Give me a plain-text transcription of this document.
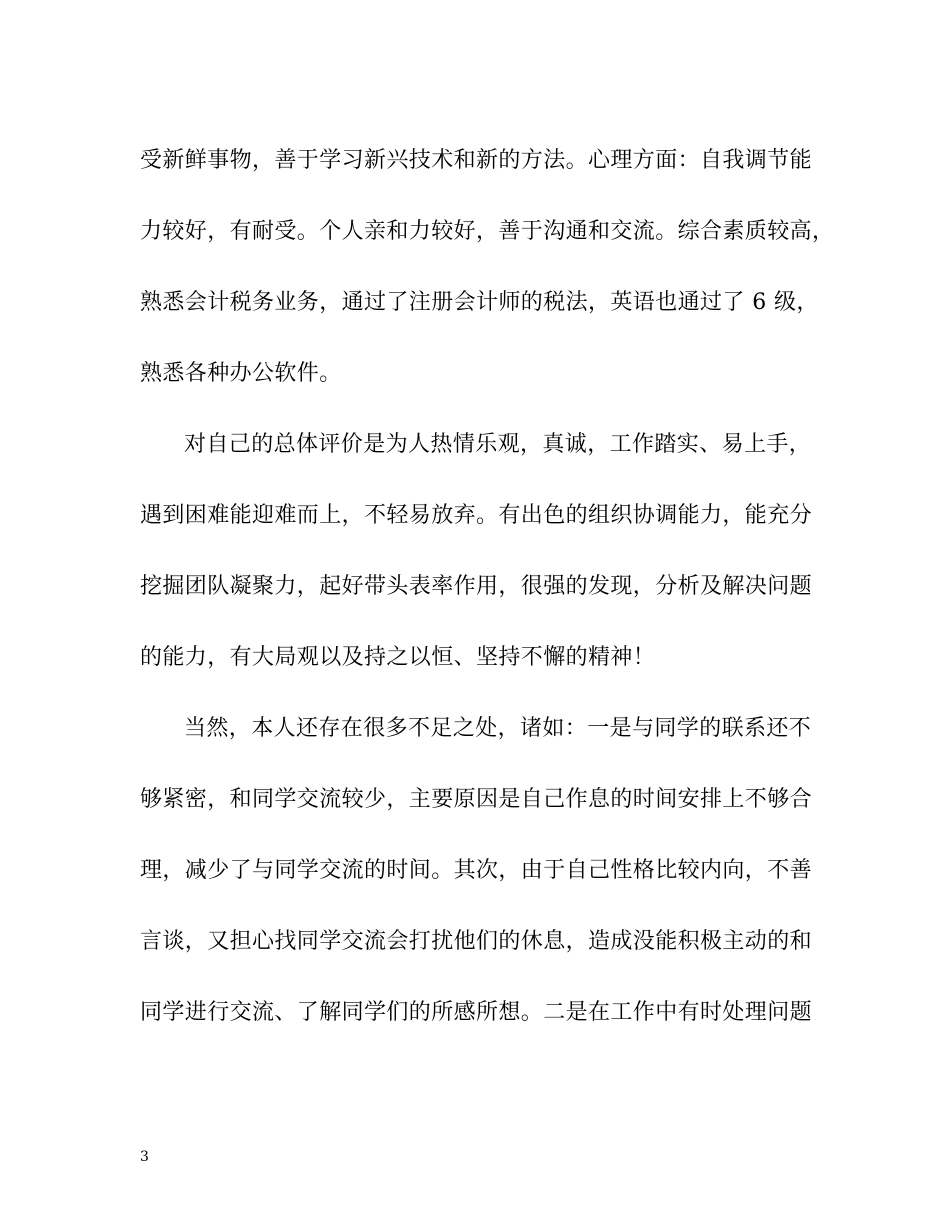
受新鲜事物，善于学习新兴技术和新的方法。心理方面：自我调节能
力较好，有耐受。个人亲和力较好，善于沟通和交流。综合素质较高，
熟悉会计税务业务，通过了注册会计师的税法，英语也通过了 6 级，
熟悉各种办公软件。
对自己的总体评价是为人热情乐观，真诚，工作踏实、易上手，
遇到困难能迎难而上，不轻易放弃。有出色的组织协调能力，能充分
挖掘团队凝聚力，起好带头表率作用，很强的发现，分析及解决问题
的能力，有大局观以及持之以恒、坚持不懈的精神！
当然，本人还存在很多不足之处，诸如：一是与同学的联系还不
够紧密，和同学交流较少，主要原因是自己作息的时间安排上不够合
理，减少了与同学交流的时间。其次，由于自己性格比较内向，不善
言谈，又担心找同学交流会打扰他们的休息，造成没能积极主动的和
同学进行交流、了解同学们的所感所想。二是在工作中有时处理问题
3
